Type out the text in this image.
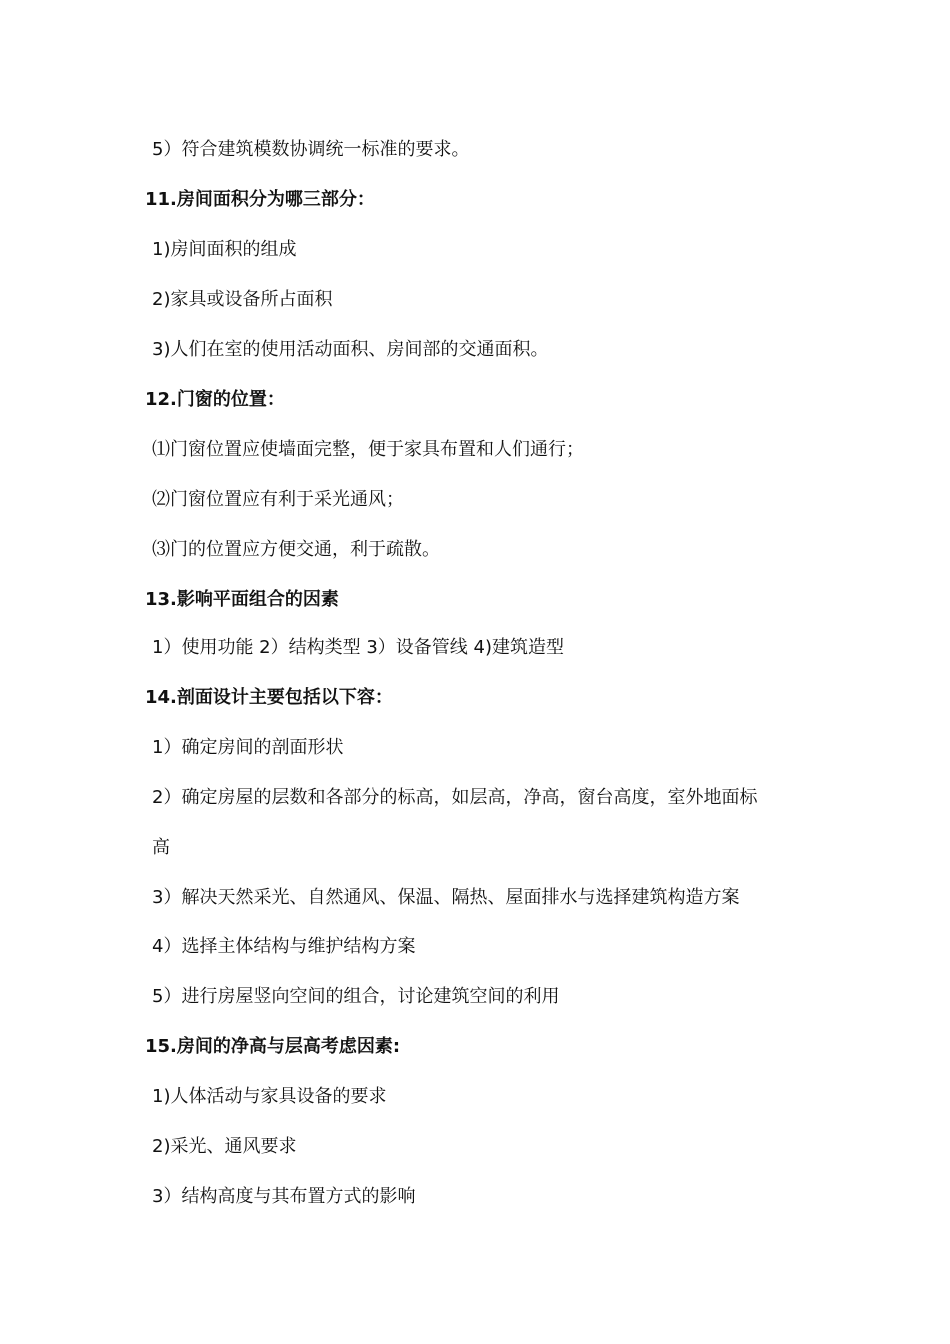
5）符合建筑模数协调统一标准的要求。
11.房间面积分为哪三部分：
1)房间面积的组成
2)家具或设备所占面积
3)人们在室的使用活动面积、房间部的交通面积。
12.门窗的位置：
⑴门窗位置应使墙面完整，便于家具布置和人们通行；
⑵门窗位置应有利于采光通风；
⑶门的位置应方便交通，利于疏散。
13.影响平面组合的因素
1）使用功能 2）结构类型 3）设备管线 4)建筑造型
14.剖面设计主要包括以下容：
1）确定房间的剖面形状
2）确定房屋的层数和各部分的标高，如层高，净高，窗台高度，室外地面标
高
3）解决天然采光、自然通风、保温、隔热、屋面排水与选择建筑构造方案
4）选择主体结构与维护结构方案
5）进行房屋竖向空间的组合，讨论建筑空间的利用
15.房间的净高与层高考虑因素:
1)人体活动与家具设备的要求
2)采光、通风要求
3）结构高度与其布置方式的影响
